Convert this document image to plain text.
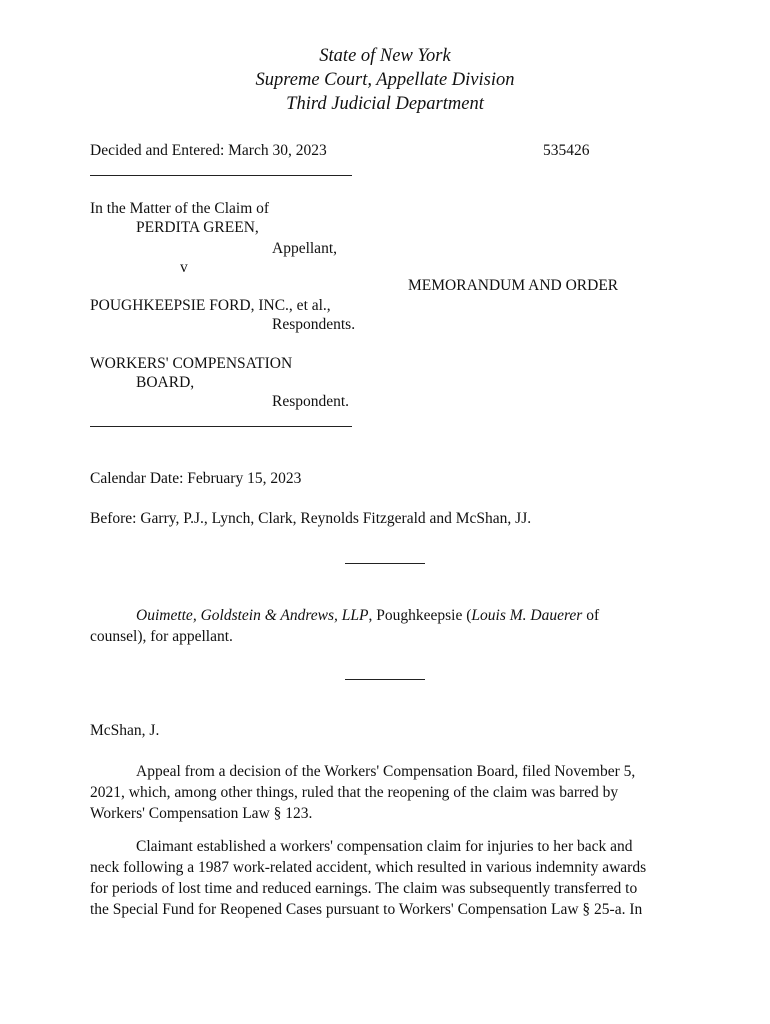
State of New York
Supreme Court, Appellate Division
Third Judicial Department
Decided and Entered: March 30, 2023	535426
In the Matter of the Claim of
PERDITA GREEN,
Appellant,
v
MEMORANDUM AND ORDER
POUGHKEEPSIE FORD, INC., et al.,
Respondents.
WORKERS' COMPENSATION
BOARD,
Respondent.
Calendar Date: February 15, 2023
Before: Garry, P.J., Lynch, Clark, Reynolds Fitzgerald and McShan, JJ.
Ouimette, Goldstein & Andrews, LLP, Poughkeepsie (Louis M. Dauerer of
counsel), for appellant.
McShan, J.
Appeal from a decision of the Workers' Compensation Board, filed November 5,
2021, which, among other things, ruled that the reopening of the claim was barred by
Workers' Compensation Law § 123.
Claimant established a workers' compensation claim for injuries to her back and
neck following a 1987 work-related accident, which resulted in various indemnity awards
for periods of lost time and reduced earnings. The claim was subsequently transferred to
the Special Fund for Reopened Cases pursuant to Workers' Compensation Law § 25-a. In
